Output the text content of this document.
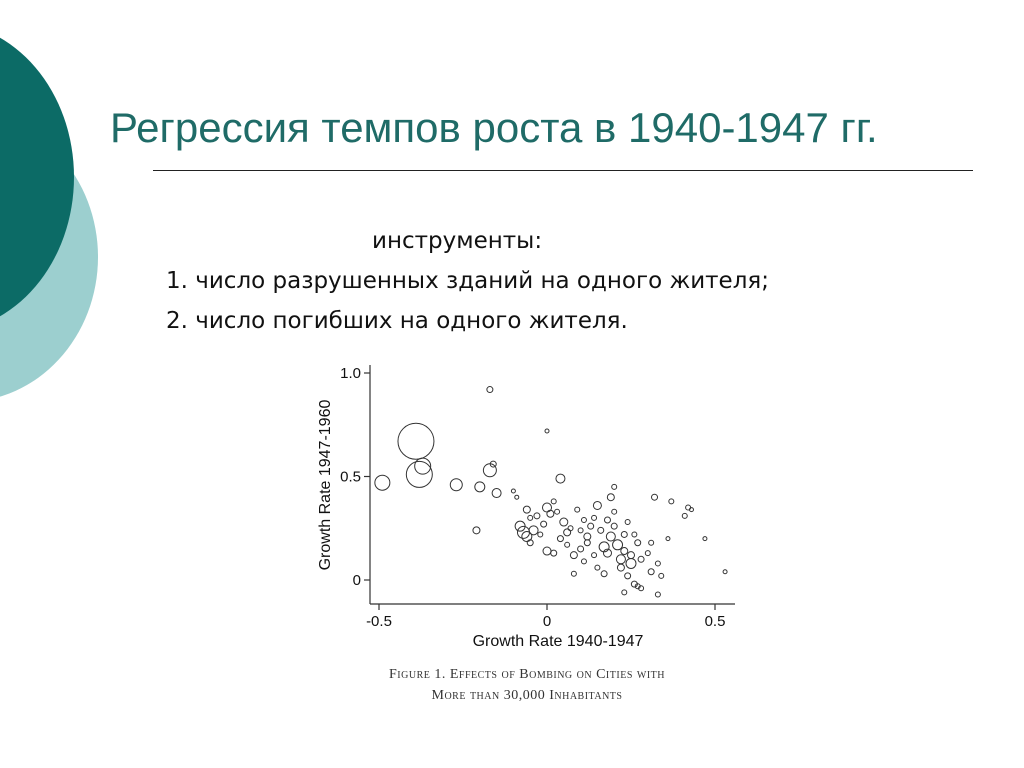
Регрессия темпов роста в 1940-1947 гг.
инструменты:
1. число разрушенных зданий на одного жителя;
2. число погибших на одного жителя.
-0.5	0	0.5
0
0.5
1.0
Growth Rate 1940-1947
Growth Rate 1947-1960
Figure 1. Effects of Bombing on Cities with
More than 30,000 Inhabitants
